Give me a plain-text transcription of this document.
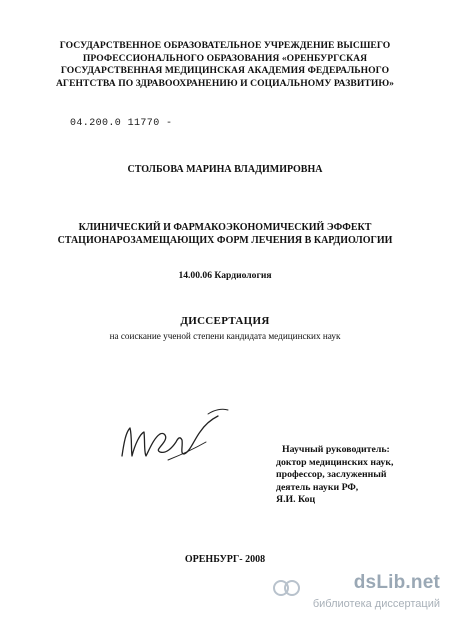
ГОСУДАРСТВЕННОЕ ОБРАЗОВАТЕЛЬНОЕ УЧРЕЖДЕНИЕ ВЫСШЕГО
ПРОФЕССИОНАЛЬНОГО ОБРАЗОВАНИЯ «ОРЕНБУРГСКАЯ
ГОСУДАРСТВЕННАЯ МЕДИЦИНСКАЯ АКАДЕМИЯ ФЕДЕРАЛЬНОГО
АГЕНТСТВА ПО ЗДРАВООХРАНЕНИЮ И СОЦИАЛЬНОМУ РАЗВИТИЮ»
04.200.0 11770 -
СТОЛБОВА МАРИНА ВЛАДИМИРОВНА
КЛИНИЧЕСКИЙ И ФАРМАКОЭКОНОМИЧЕСКИЙ ЭФФЕКТ
СТАЦИОНАРОЗАМЕЩАЮЩИХ ФОРМ ЛЕЧЕНИЯ В КАРДИОЛОГИИ
14.00.06 Кардиология
ДИССЕРТАЦИЯ
на соискание ученой степени кандидата медицинских наук
Научный руководитель:
доктор медицинских наук,
профессор, заслуженный
деятель науки РФ,
Я.И. Коц
ОРЕНБУРГ- 2008
dsLib.net
библиотека диссертаций
